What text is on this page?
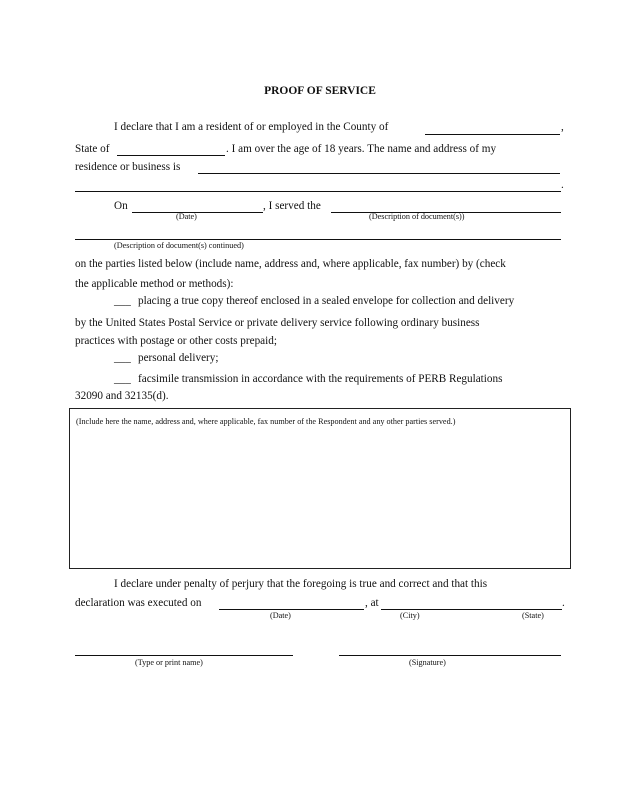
PROOF OF SERVICE
I declare that I am a resident of or employed in the County of	,
State of	. I am over the age of 18 years. The name and address of my
residence or business is
.
On	, I served the
(Date)	(Description of document(s))
(Description of document(s) continued)
on the parties listed below (include name, address and, where applicable, fax number) by (check
the applicable method or methods):
___ placing a true copy thereof enclosed in a sealed envelope for collection and delivery
by the United States Postal Service or private delivery service following ordinary business
practices with postage or other costs prepaid;
___ personal delivery;
___ facsimile transmission in accordance with the requirements of PERB Regulations
32090 and 32135(d).
(Include here the name, address and, where applicable, fax number of the Respondent and any other parties served.)
I declare under penalty of perjury that the foregoing is true and correct and that this
declaration was executed on	, at	.
(Date)	(City)	(State)
(Type or print name)	(Signature)
